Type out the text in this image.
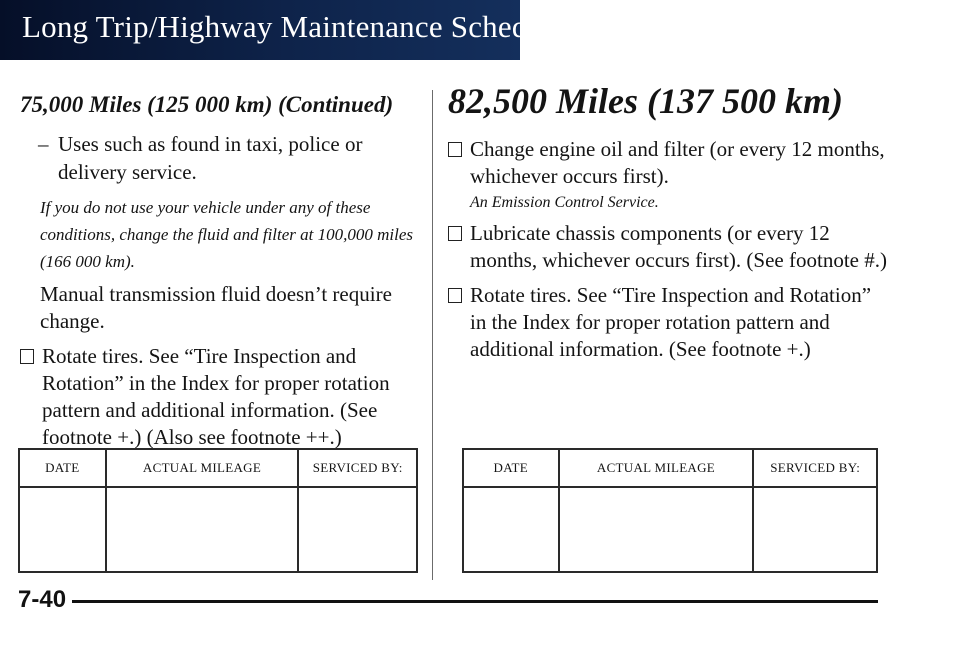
Long Trip/Highway Maintenance Schedule
75,000 Miles (125 000 km) (Continued)
– Uses such as found in taxi, police or delivery service.
If you do not use your vehicle under any of these conditions, change the fluid and filter at 100,000 miles (166 000 km).
Manual transmission fluid doesn’t require change.
Rotate tires. See “Tire Inspection and Rotation” in the Index for proper rotation pattern and additional information. (See footnote +.) (Also see footnote ++.)
82,500 Miles (137 500 km)
Change engine oil and filter (or every 12 months, whichever occurs first).
An Emission Control Service.
Lubricate chassis components (or every 12 months, whichever occurs first). (See footnote #.)
Rotate tires. See “Tire Inspection and Rotation” in the Index for proper rotation pattern and additional information. (See footnote +.)
DATE	ACTUAL MILEAGE	SERVICED BY:
			DATE	ACTUAL MILEAGE	SERVICED BY:

7-40
